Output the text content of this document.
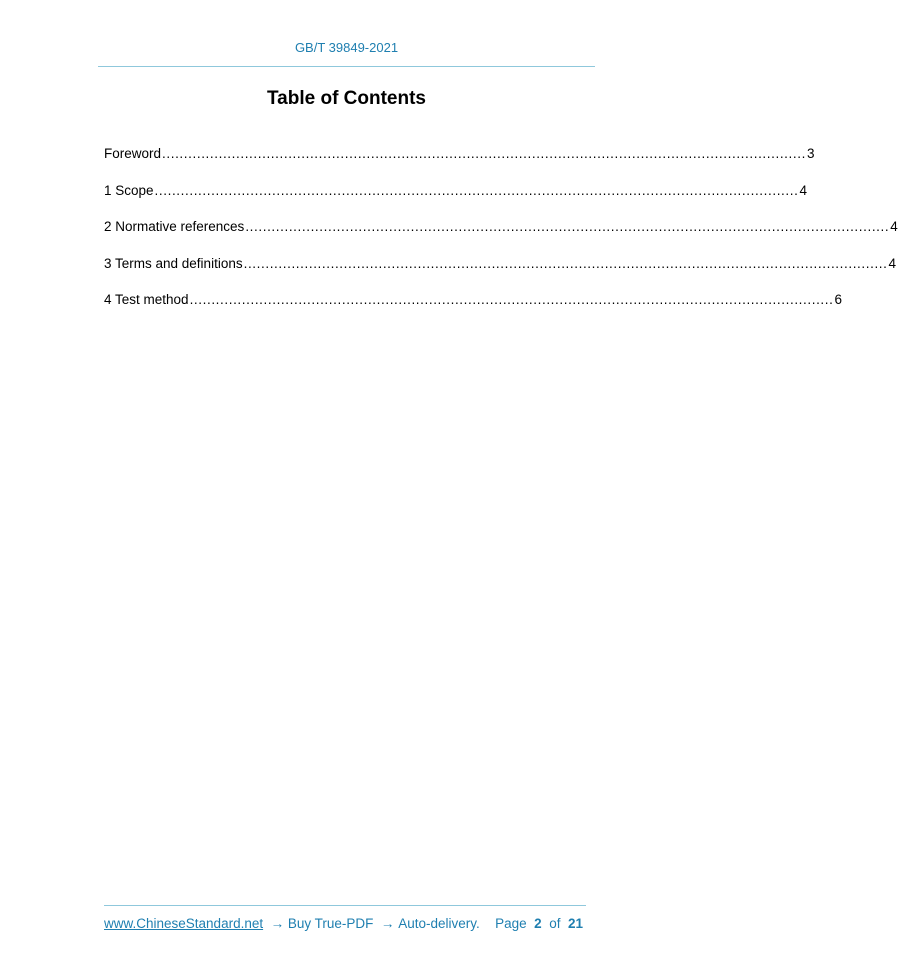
GB/T 39849-2021
Table of Contents
Foreword .................................................................................................................................................... 3
1 Scope .................................................................................................................................................... 4
2 Normative references .................................................................................................................................................... 4
3 Terms and definitions .................................................................................................................................................... 4
4 Test method .................................................................................................................................................... 6
www.ChineseStandard.net  → Buy True-PDF  → Auto-delivery. Page 2 of 21
